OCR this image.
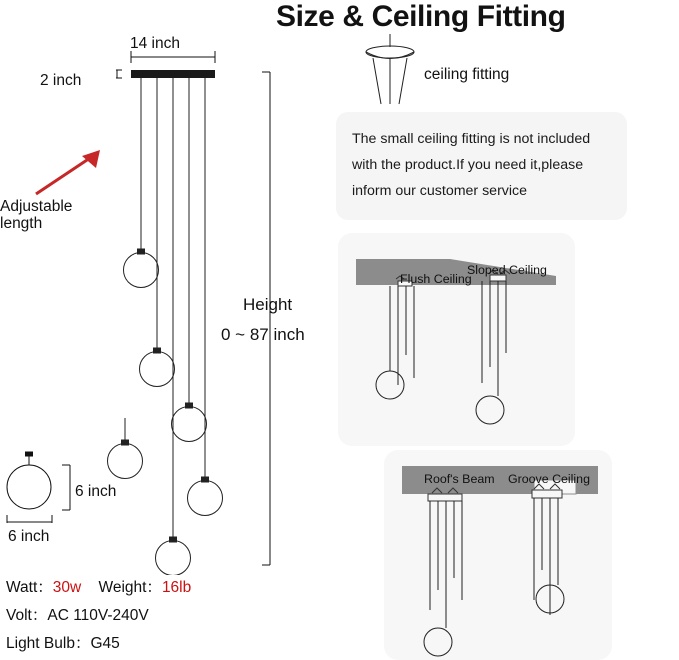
Size & Ceiling Fitting
14 inch
2 inch
Height
0 ~ 87 inch
Adjustable
length
6 inch
6 inch
Watt：30w Weight：16lb
Volt：AC 110V-240V
Light Bulb：G45
ceiling fitting
The small ceiling fitting is not included
with the product.If you need it,please
inform our customer service
Flush Ceiling
Sloped Ceiling
Roof's Beam Groove Ceiling
